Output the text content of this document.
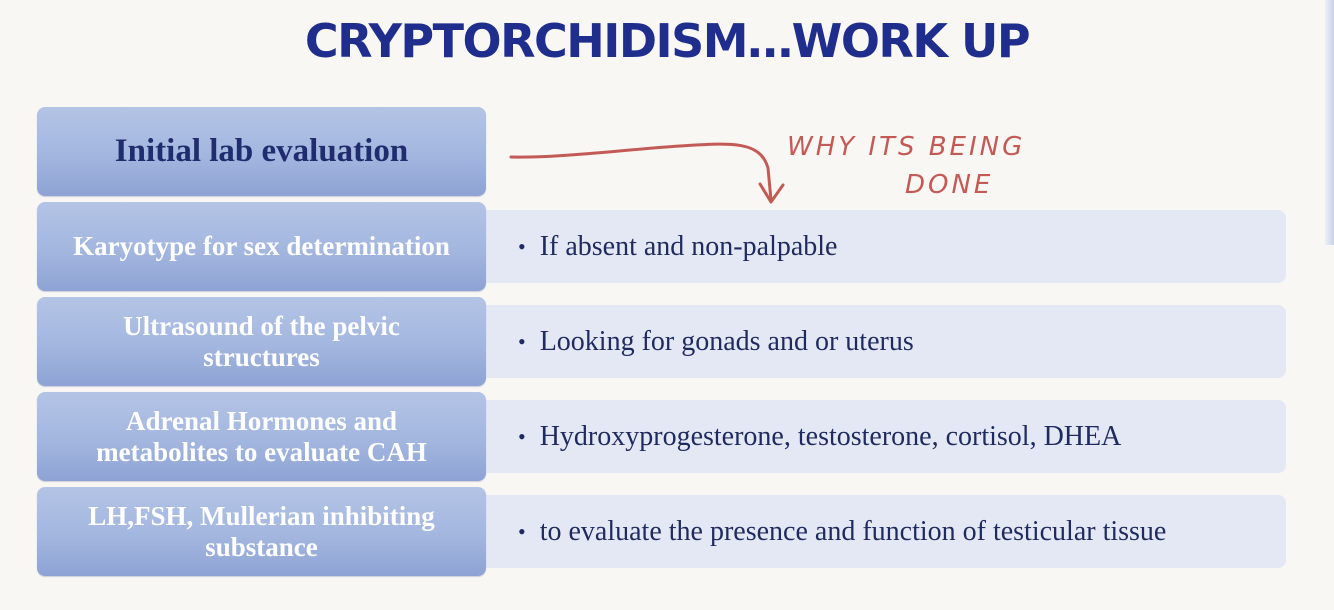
CRYPTORCHIDISM…WORK UP
Initial lab evaluation	WHY ITS BEING
DONE
• If absent and non-palpable
Karyotype for sex determination
• Looking for gonads and or uterus
Ultrasound of the pelvic structures
• Hydroxyprogesterone, testosterone, cortisol, DHEA
Adrenal Hormones and metabolites to evaluate CAH
• to evaluate the presence and function of testicular tissue
LH,FSH, Mullerian inhibiting substance
